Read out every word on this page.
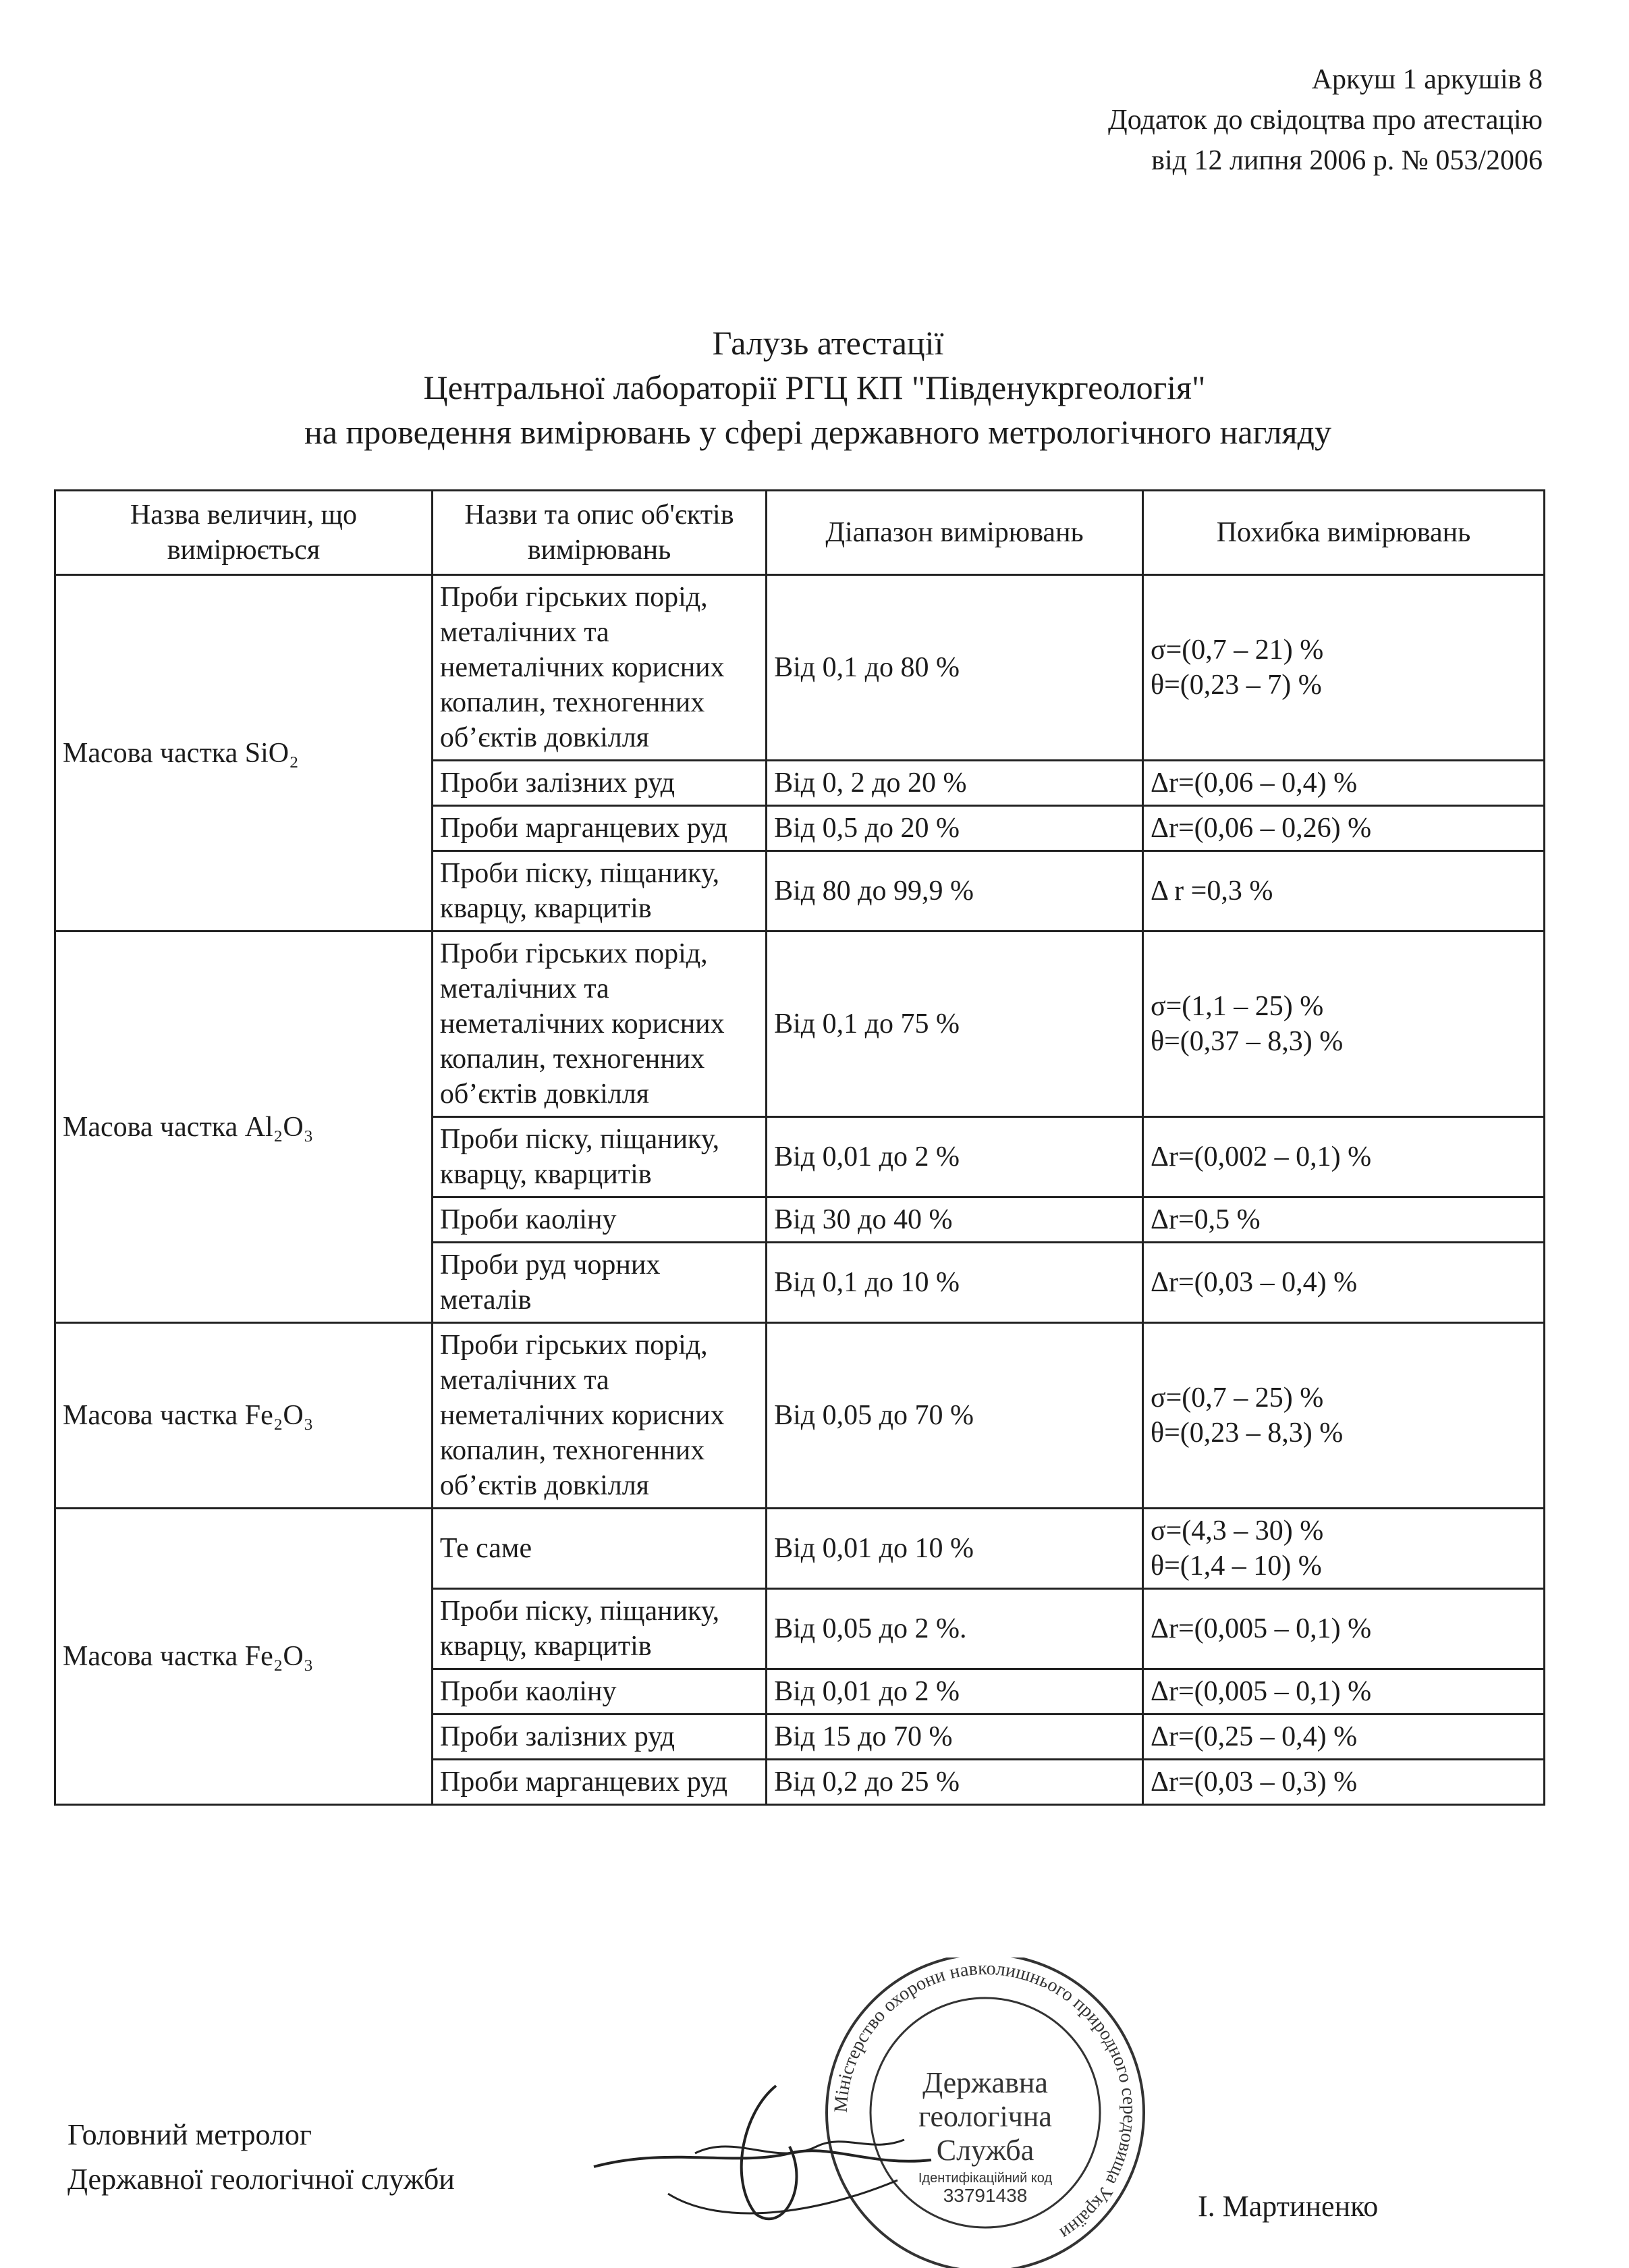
Аркуш 1 аркушів 8
Додаток до свідоцтва про атестацію
від 12 липня 2006 р. № 053/2006
Галузь атестації
Центральної лабораторії РГЦ КП "Південукргеологія"
на проведення вимірювань у сфері державного метрологічного нагляду
Назва величин, що вимірюється	Назви та опис об'єктів вимірювань	Діапазон вимірювань	Похибка вимірювань
Масова частка SiO₂	Проби гірських порід, металічних та неметалічних корисних копалин, техногенних об’єктів довкілля	Від 0,1 до 80 %	σ=(0,7 – 21) %
θ=(0,23 – 7) %

	Проби залізних руд	Від 0, 2 до 20 %	Δr=(0,06 – 0,4) %

	Проби марганцевих руд	Від 0,5 до 20 %	Δr=(0,06 – 0,26) %

	Проби піску, піщанику, кварцу, кварцитів	Від 80 до 99,9 %	Δ r =0,3 %

Масова частка Al₂O₃	Проби гірських порід, металічних та неметалічних корисних копалин, техногенних об’єктів довкілля	Від 0,1 до 75 %	σ=(1,1 – 25) %
θ=(0,37 – 8,3) %

	Проби піску, піщанику, кварцу, кварцитів	Від 0,01 до 2 %	Δr=(0,002 – 0,1) %

	Проби каоліну	Від 30 до 40 %	Δr=0,5 %

	Проби руд чорних металів	Від 0,1 до 10 %	Δr=(0,03 – 0,4) %

Масова частка Fe₂O₃	Проби гірських порід, металічних та неметалічних корисних копалин, техногенних об’єктів довкілля	Від 0,05 до 70 %	σ=(0,7 – 25) %
θ=(0,23 – 8,3) %

Масова частка Fe₂O₃	Те саме	Від 0,01 до 10 %	σ=(4,3 – 30) %
θ=(1,4 – 10) %

	Проби піску, піщанику, кварцу, кварцитів	Від 0,05 до 2 %.	Δr=(0,005 – 0,1) %

	Проби каоліну	Від 0,01 до 2 %	Δr=(0,005 – 0,1) %

	Проби залізних руд	Від 15 до 70 %	Δr=(0,25 – 0,4) %

	Проби марганцевих руд	Від 0,2 до 25 %	Δr=(0,03 – 0,3) %
Міністерство охорони навколишнього природного середовища України
Державна
геологічна
Служба
Ідентифікаційний код
33791438
Головний метролог
Державної геологічної служби
І. Мартиненко
